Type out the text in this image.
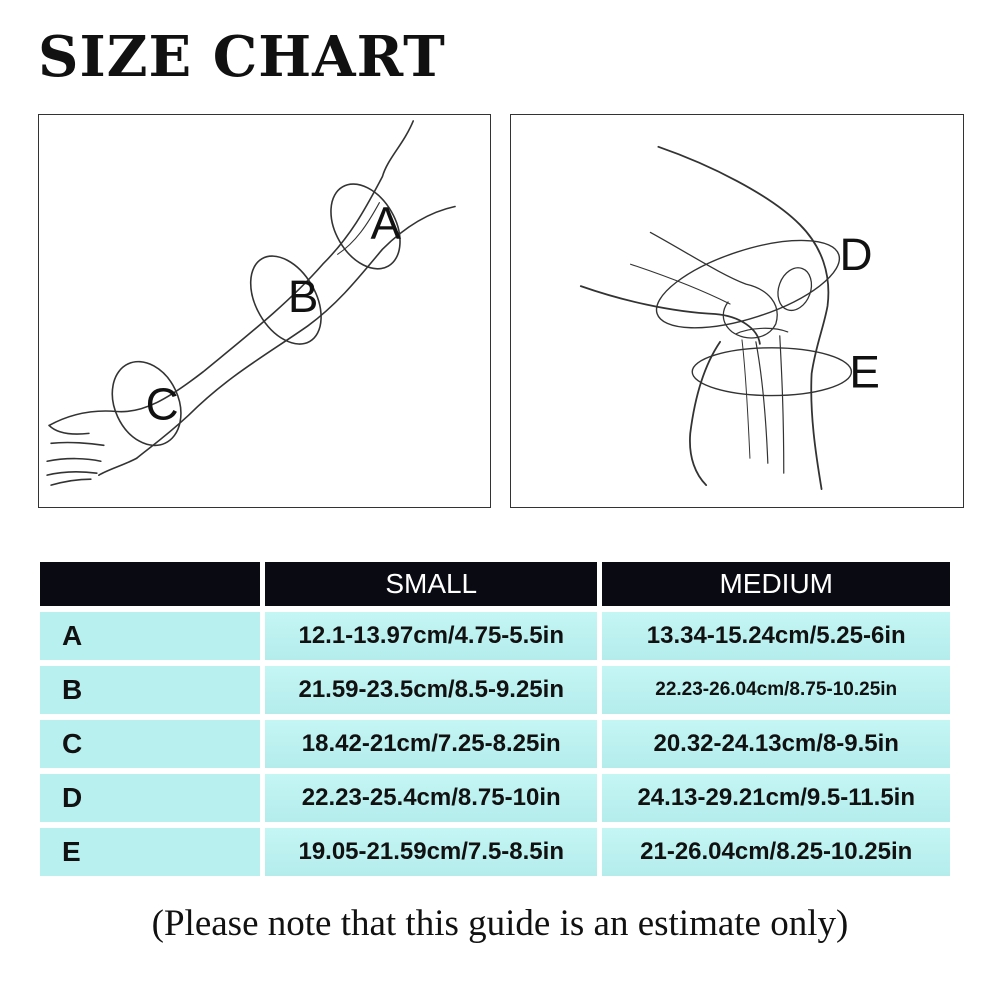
SIZE CHART
A
B
C
D
E
	SMALL	MEDIUM
A	12.1-13.97cm/4.75-5.5in	13.34-15.24cm/5.25-6in
B	21.59-23.5cm/8.5-9.25in	22.23-26.04cm/8.75-10.25in
C	18.42-21cm/7.25-8.25in	20.32-24.13cm/8-9.5in
D	22.23-25.4cm/8.75-10in	24.13-29.21cm/9.5-11.5in
E	19.05-21.59cm/7.5-8.5in	21-26.04cm/8.25-10.25in

(Please note that this guide is an estimate only)
